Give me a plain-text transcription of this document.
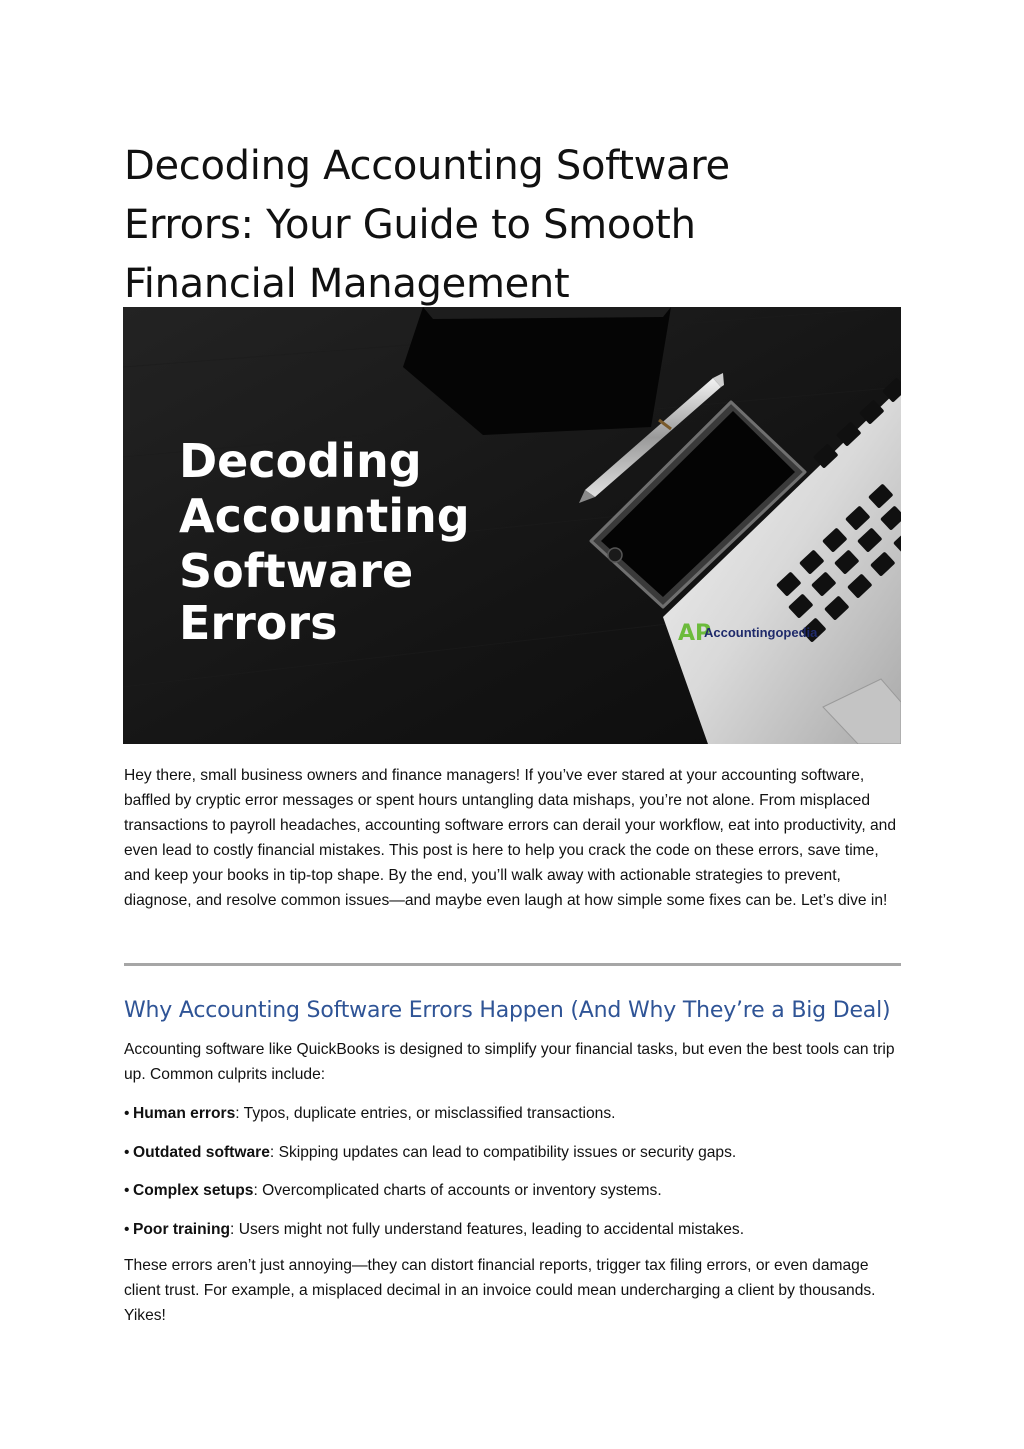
Decoding Accounting Software
Errors: Your Guide to Smooth
Financial Management
Decoding
Accounting
Software
Errors	AP
Accountingopedia

Hey there, small business owners and finance managers! If you’ve ever stared at your accounting software, baffled by cryptic error messages or spent hours untangling data mishaps, you’re not alone. From misplaced transactions to payroll headaches, accounting software errors can derail your workflow, eat into productivity, and even lead to costly financial mistakes. This post is here to help you crack the code on these errors, save time, and keep your books in tip-top shape. By the end, you’ll walk away with actionable strategies to prevent, diagnose, and resolve common issues—and maybe even laugh at how simple some fixes can be. Let’s dive in!

Why Accounting Software Errors Happen (And Why They’re a Big Deal)

Accounting software like QuickBooks is designed to simplify your financial tasks, but even the best tools can trip up. Common culprits include:

• Human errors: Typos, duplicate entries, or misclassified transactions.
• Outdated software: Skipping updates can lead to compatibility issues or security gaps.
• Complex setups: Overcomplicated charts of accounts or inventory systems.
• Poor training: Users might not fully understand features, leading to accidental mistakes.

These errors aren’t just annoying—they can distort financial reports, trigger tax filing errors, or even damage client trust. For example, a misplaced decimal in an invoice could mean undercharging a client by thousands. Yikes!
